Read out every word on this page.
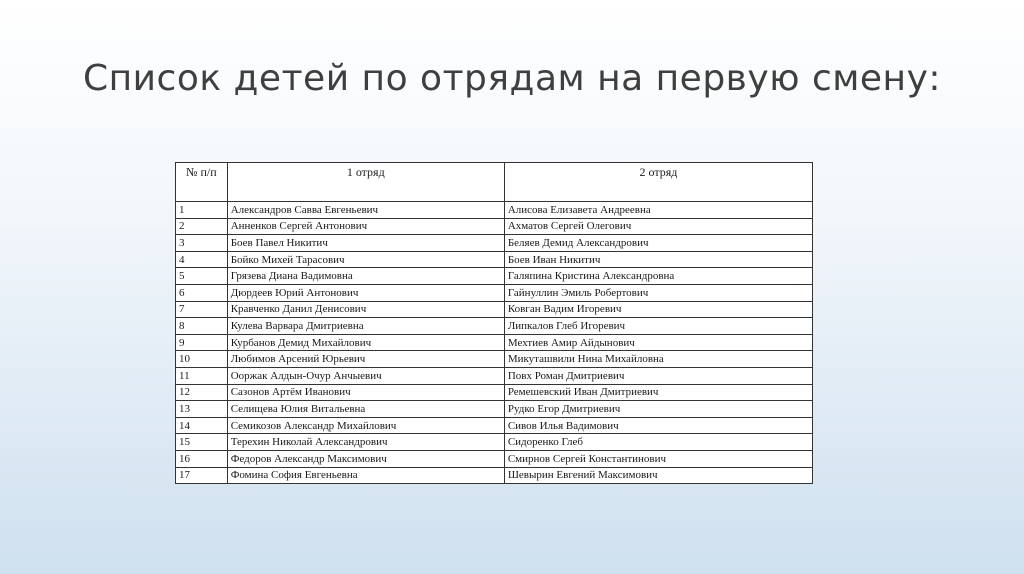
Список детей по отрядам на первую смену:
№ п/п	1 отряд	2 отряд
1	Александров Савва Евгеньевич	Алисова Елизавета Андреевна
2	Анненков Сергей Антонович	Ахматов Сергей Олегович
3	Боев Павел Никитич	Беляев Демид Александрович
4	Бойко Михей Тарасович	Боев Иван Никитич
5	Грязева Диана Вадимовна	Галяпина Кристина Александровна
6	Дюрдеев Юрий Антонович	Гайнуллин Эмиль Робертович
7	Кравченко Данил Денисович	Ковган Вадим Игоревич
8	Кулева Варвара Дмитриевна	Липкалов Глеб Игоревич
9	Курбанов Демид Михайлович	Мехтиев Амир Айдынович
10	Любимов Арсений Юрьевич	Микуташвили Нина Михайловна
11	Ооржак Алдын-Очур Анчыевич	Повх Роман Дмитриевич
12	Сазонов Артём Иванович	Ремешевский Иван Дмитриевич
13	Селищева Юлия Витальевна	Рудко Егор Дмитриевич
14	Семикозов Александр Михайлович	Сивов Илья Вадимович
15	Терехин Николай Александрович	Сидоренко Глеб
16	Федоров Александр Максимович	Смирнов Сергей Константинович
17	Фомина София Евгеньевна	Шевырин Евгений Максимович
